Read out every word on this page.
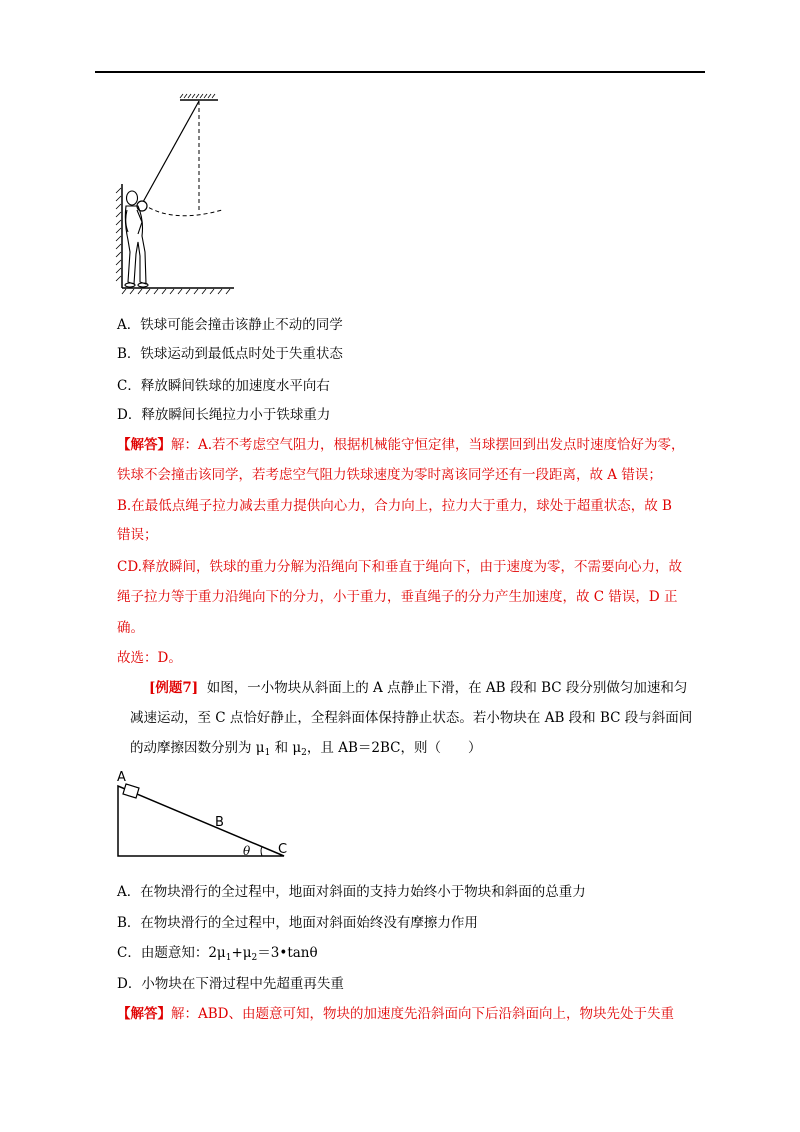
A．铁球可能会撞击该静止不动的同学
B．铁球运动到最低点时处于失重状态
C．释放瞬间铁球的加速度水平向右
D．释放瞬间长绳拉力小于铁球重力
【解答】解：A.若不考虑空气阻力，根据机械能守恒定律，当球摆回到出发点时速度恰好为零，
铁球不会撞击该同学，若考虑空气阻力铁球速度为零时离该同学还有一段距离，故 A 错误；
B.在最低点绳子拉力减去重力提供向心力，合力向上，拉力大于重力，球处于超重状态，故 B
错误；
CD.释放瞬间，铁球的重力分解为沿绳向下和垂直于绳向下，由于速度为零，不需要向心力，故
绳子拉力等于重力沿绳向下的分力，小于重力，垂直绳子的分力产生加速度，故 C 错误，D 正
确。
故选：D。
[例题7] 如图，一小物块从斜面上的 A 点静止下滑，在 AB 段和 BC 段分别做匀加速和匀
减速运动，至 C 点恰好静止，全程斜面体保持静止状态。若小物块在 AB 段和 BC 段与斜面间
的动摩擦因数分别为 $\mu_1$ 和 $\mu_2$，且 AB＝2BC，则（　　）
A
B
C
θ
A．在物块滑行的全过程中，地面对斜面的支持力始终小于物块和斜面的总重力
B．在物块滑行的全过程中，地面对斜面始终没有摩擦力作用
C．由题意知：$2\mu_1+\mu_2=3•\tan\theta$
D．小物块在下滑过程中先超重再失重
【解答】解：ABD、由题意可知，物块的加速度先沿斜面向下后沿斜面向上，物块先处于失重
